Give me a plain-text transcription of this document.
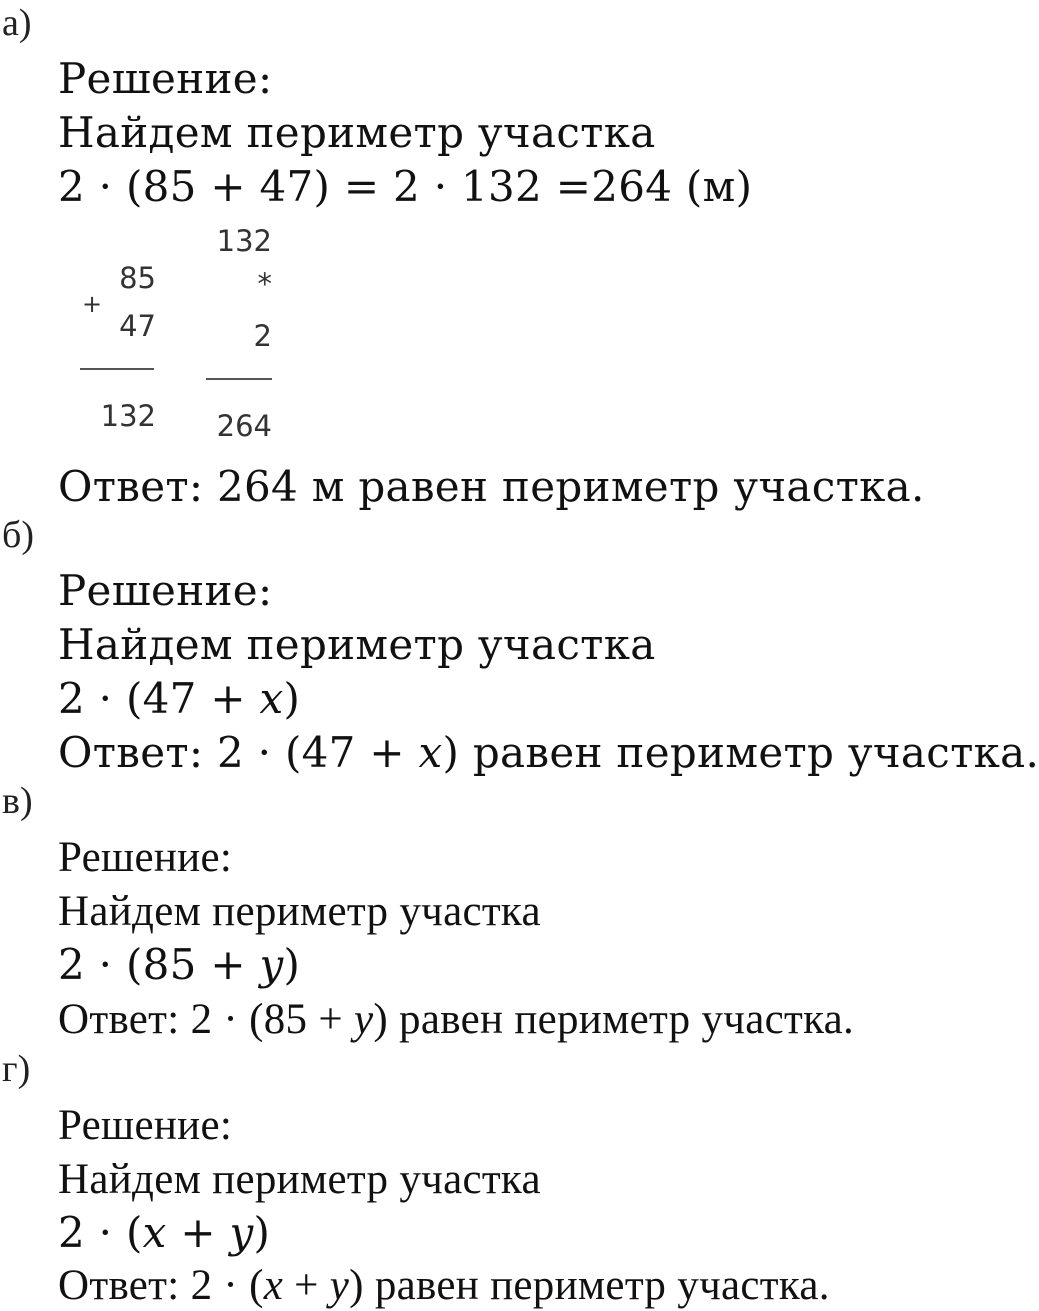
а)
Решение:
Найдем периметр участка
2 · (85 + 47) = 2 · 132 =264 (м)
85
+
47
132
132
*
2
264
Ответ: 264 м равен периметр участка.
б)
Решение:
Найдем периметр участка
2 · (47 + x)
Ответ: 2 · (47 + x) равен периметр участка.
в)
Решение:
Найдем периметр участка
2 · (85 + y)
Ответ: 2 · (85 + y) равен периметр участка.
г)
Решение:
Найдем периметр участка
2 · (x + y)
Ответ: 2 · (x + y) равен периметр участка.
